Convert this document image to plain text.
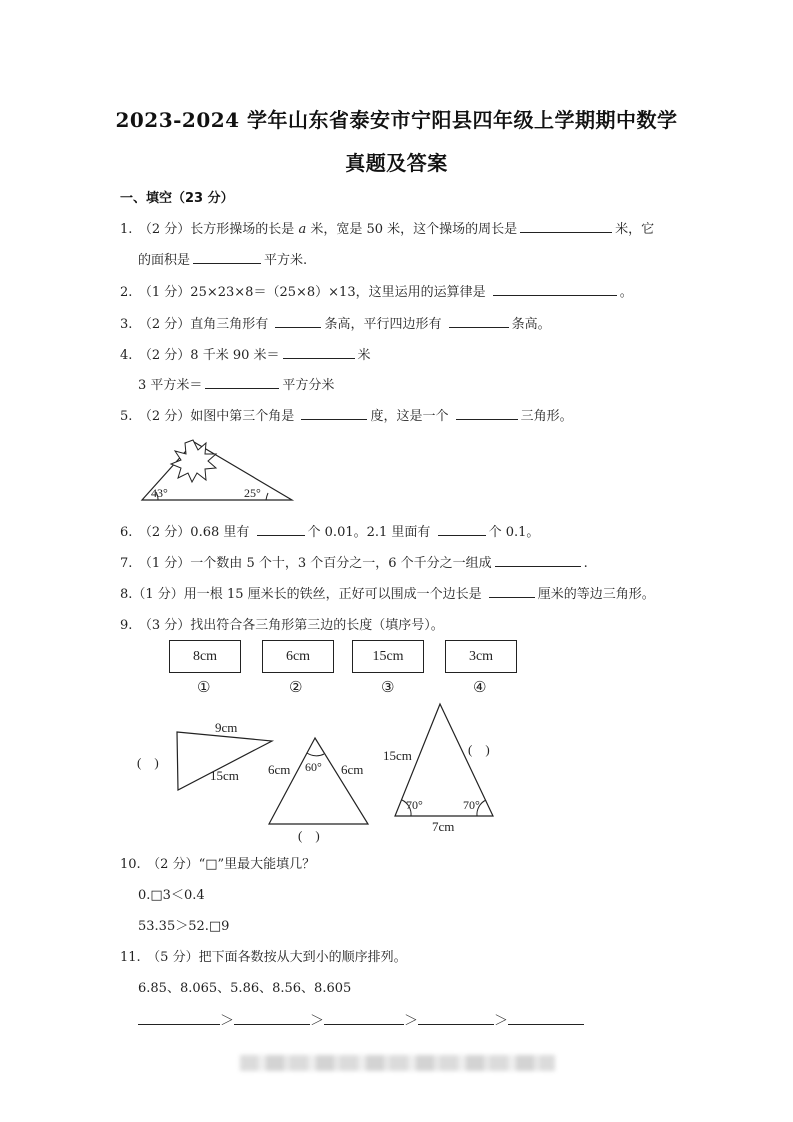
2023-2024 学年山东省泰安市宁阳县四年级上学期期中数学
真题及答案
一、填空（23 分）
1.　（2 分）长方形操场的长是 a 米，宽是 50 米，这个操场的周长是	米，它
的面积是	平方米.
2.　（1 分）25×23×8＝（25×8）×13，这里运用的运算律是	。
3.　（2 分）直角三角形有	条高，平行四边形有	条高。
4.　（2 分）8 千米 90 米＝	米
3 平方米＝	平方分米
5.　（2 分）如图中第三个角是	度，这是一个	三角形。
43°	25°
6.　（2 分）0.68 里有	个 0.01。2.1 里面有	个 0.1。
7.　（1 分）一个数由 5 个十，3 个百分之一，6 个千分之一组成	.
8.（1 分）用一根 15 厘米长的铁丝，正好可以围成一个边长是	厘米的等边三角形。
9.　（3 分）找出符合各三角形第三边的长度（填序号）。
8cm	6cm	15cm	3cm
①	②	③	④
9cm
15cm
(　)	60°
6cm	6cm
(　)
70°	70°
15cm
7cm
(　)
10.　（2 分）“□”里最大能填几？
0.□3＜0.4
53.35＞52.□9
11.　（5 分）把下面各数按从大到小的顺序排列。
6.85、8.065、5.86、8.56、8.605
＞	＞	＞	＞
